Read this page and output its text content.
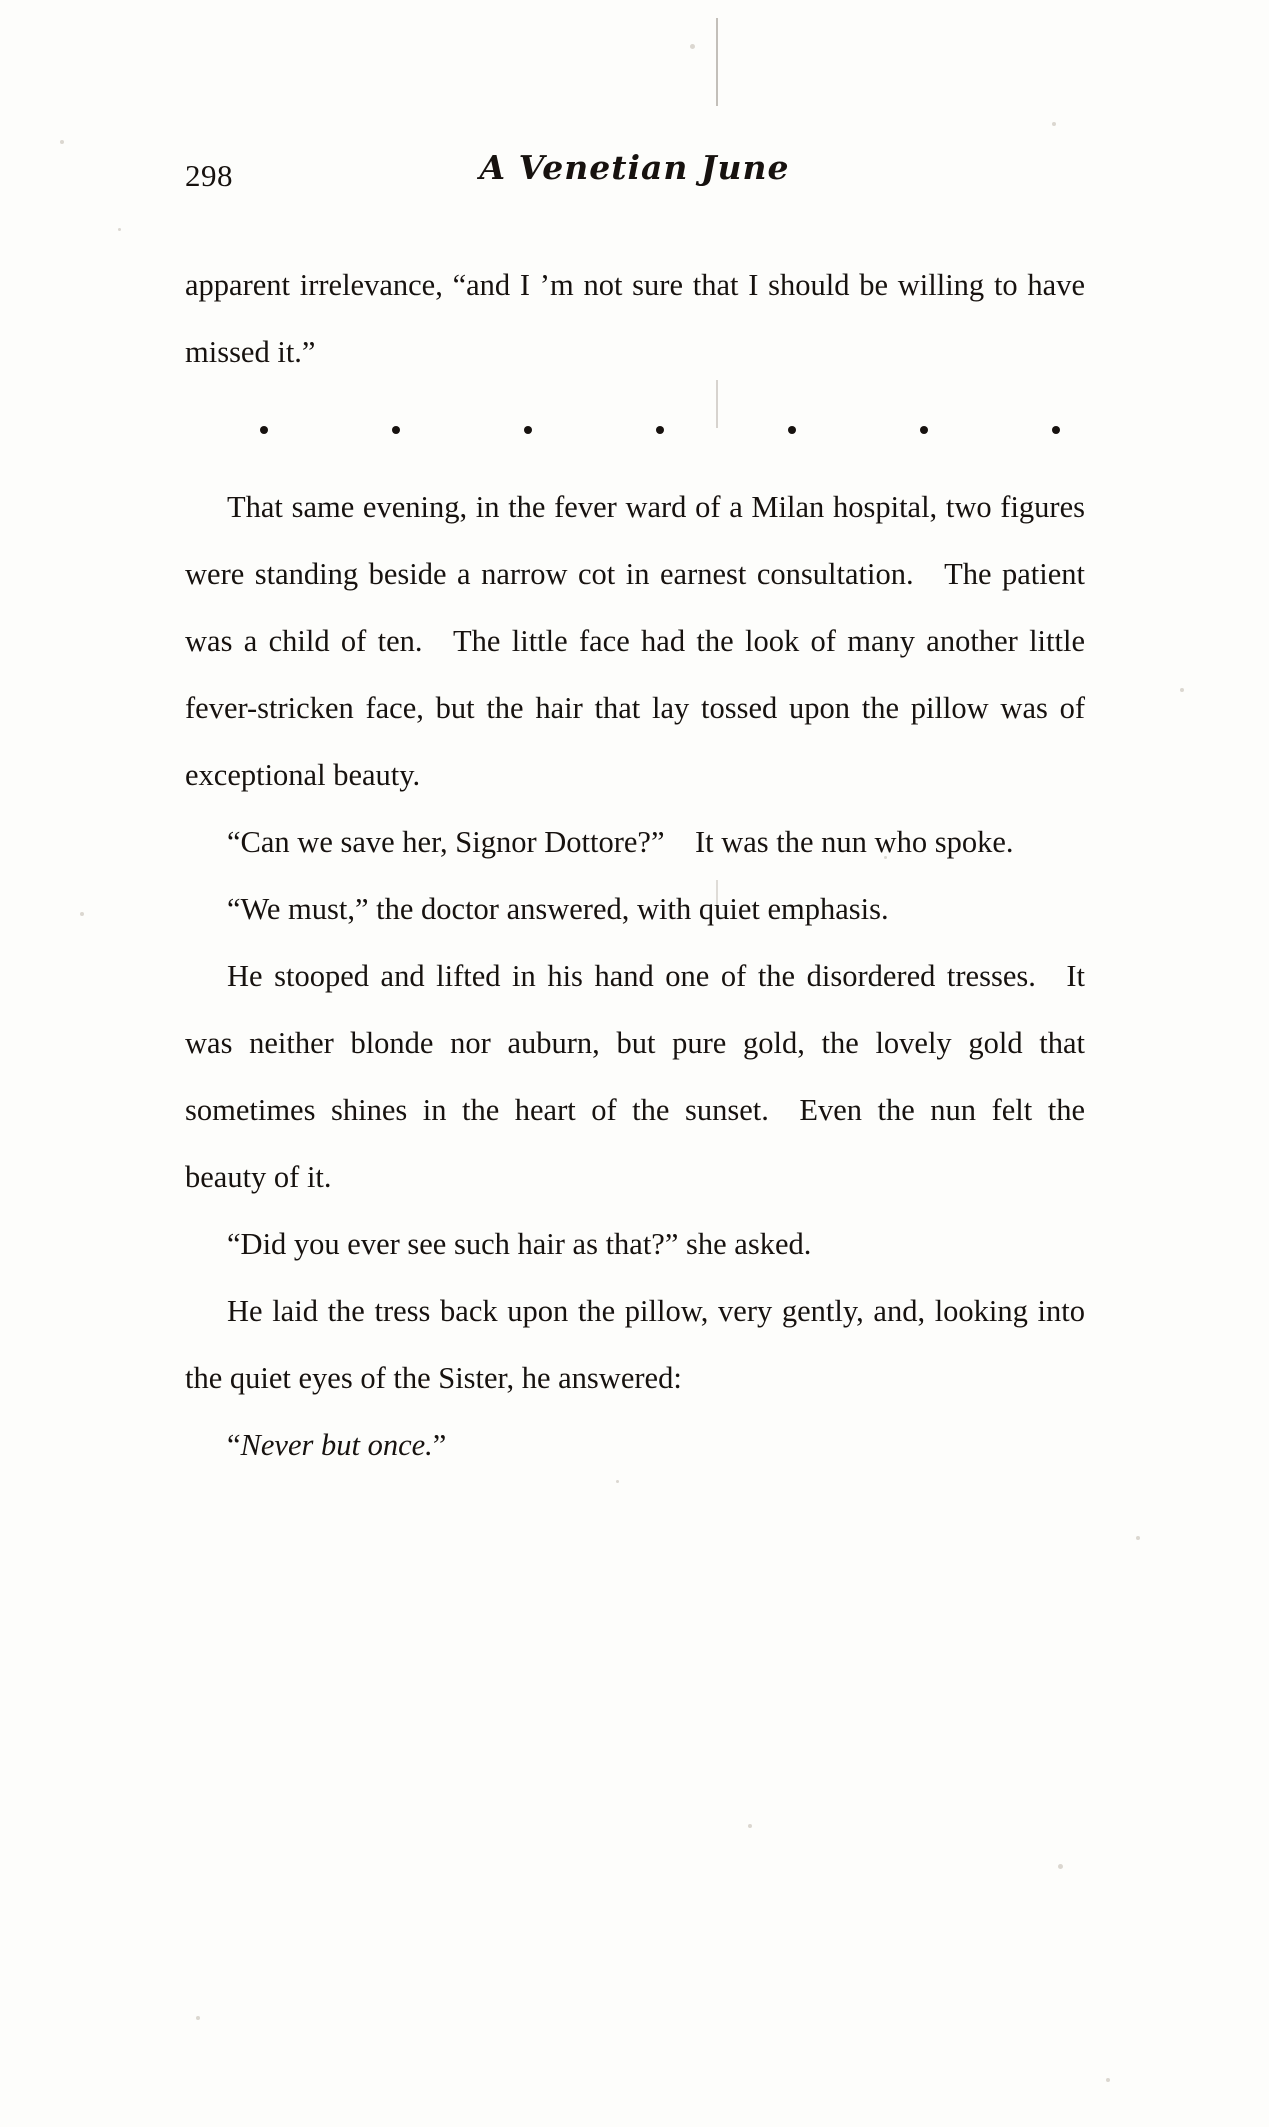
298	A Venetian June

apparent irrelevance, “and I ’m not sure that I should be willing to have missed it.”

That same evening, in the fever ward of a Milan hospital, two figures were standing beside a narrow cot in earnest consultation. The patient was a child of ten. The little face had the look of many another little fever-stricken face, but the hair that lay tossed upon the pillow was of exceptional beauty.

“Can we save her, Signor Dottore?” It was the nun who spoke.

“We must,” the doctor answered, with quiet emphasis.

He stooped and lifted in his hand one of the disordered tresses. It was neither blonde nor auburn, but pure gold, the lovely gold that sometimes shines in the heart of the sunset. Even the nun felt the beauty of it.

“Did you ever see such hair as that?” she asked.

He laid the tress back upon the pillow, very gently, and, looking into the quiet eyes of the Sister, he answered:

“Never but once.”
